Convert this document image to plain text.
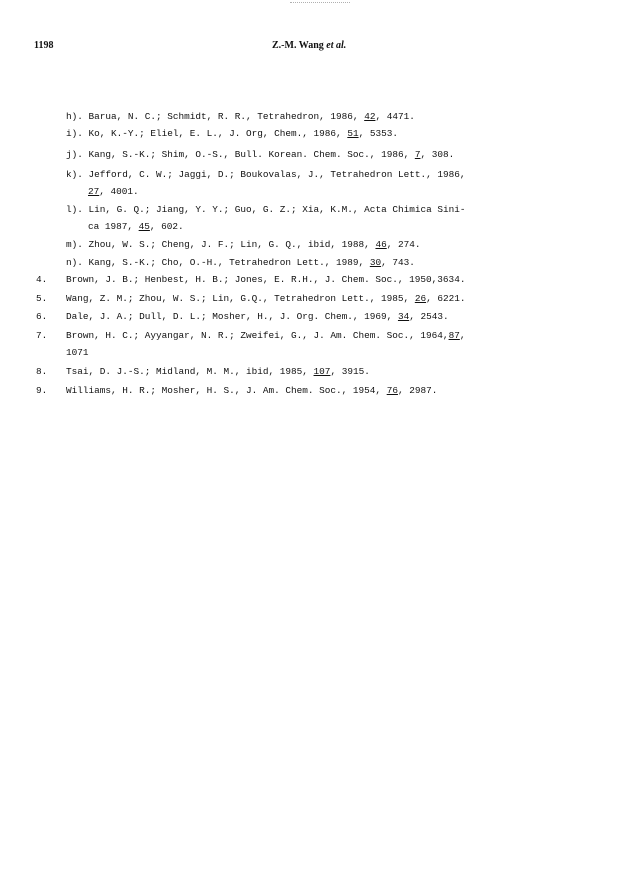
1198	Z.-M. Wang et al.
h). Barua, N. C.; Schmidt, R. R., Tetrahedron, 1986, 42, 4471.
i). Ko, K.-Y.; Eliel, E. L., J. Org, Chem., 1986, 51, 5353.
j). Kang, S.-K.; Shim, O.-S., Bull. Korean. Chem. Soc., 1986, 7, 308.
k). Jefford, C. W.; Jaggi, D.; Boukovalas, J., Tetrahedron Lett., 1986,
27, 4001.
l). Lin, G. Q.; Jiang, Y. Y.; Guo, G. Z.; Xia, K.M., Acta Chimica Sini-
ca 1987, 45, 602.
m). Zhou, W. S.; Cheng, J. F.; Lin, G. Q., ibid, 1988, 46, 274.
n). Kang, S.-K.; Cho, O.-H., Tetrahedron Lett., 1989, 30, 743.
4. Brown, J. B.; Henbest, H. B.; Jones, E. R.H., J. Chem. Soc., 1950,3634.
5. Wang, Z. M.; Zhou, W. S.; Lin, G.Q., Tetrahedron Lett., 1985, 26, 6221.
6. Dale, J. A.; Dull, D. L.; Mosher, H., J. Org. Chem., 1969, 34, 2543.
7. Brown, H. C.; Ayyangar, N. R.; Zweifei, G., J. Am. Chem. Soc., 1964,87,
1071
8. Tsai, D. J.-S.; Midland, M. M., ibid, 1985, 107, 3915.
9. Williams, H. R.; Mosher, H. S., J. Am. Chem. Soc., 1954, 76, 2987.
